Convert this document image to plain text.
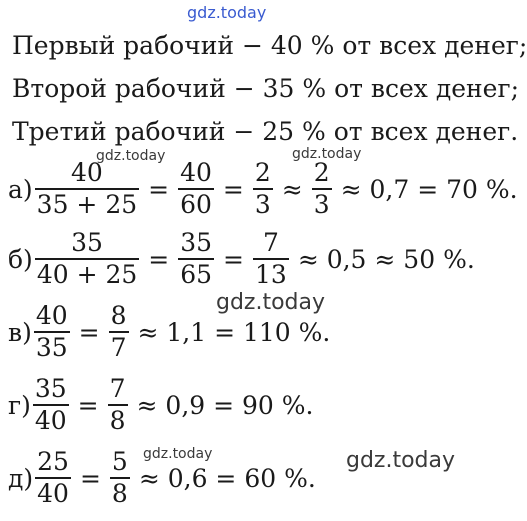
gdz.today
gdz.today	gdz.today
gdz.today
gdz.today	gdz.today
Первый рабочий − 40 % от всех денег;
Второй рабочий − 35 % от всех денег;
Третий рабочий − 25 % от всех денег.
$а) \frac{40}{35 + 25} = \frac{40}{60} = \frac{2}{3} \approx \frac{2}{3} \approx 0,7 = 70$ %.
$б) \frac{35}{40 + 25} = \frac{35}{65} = \frac{7}{13} \approx 0,5 \approx 50$ %.
$в) \frac{40}{35} = \frac{8}{7} \approx 1,1 = 110$ %.
$г) \frac{35}{40} = \frac{7}{8} \approx 0,9 = 90$ %.
$д) \frac{25}{40} = \frac{5}{8} \approx 0,6 = 60$ %.
